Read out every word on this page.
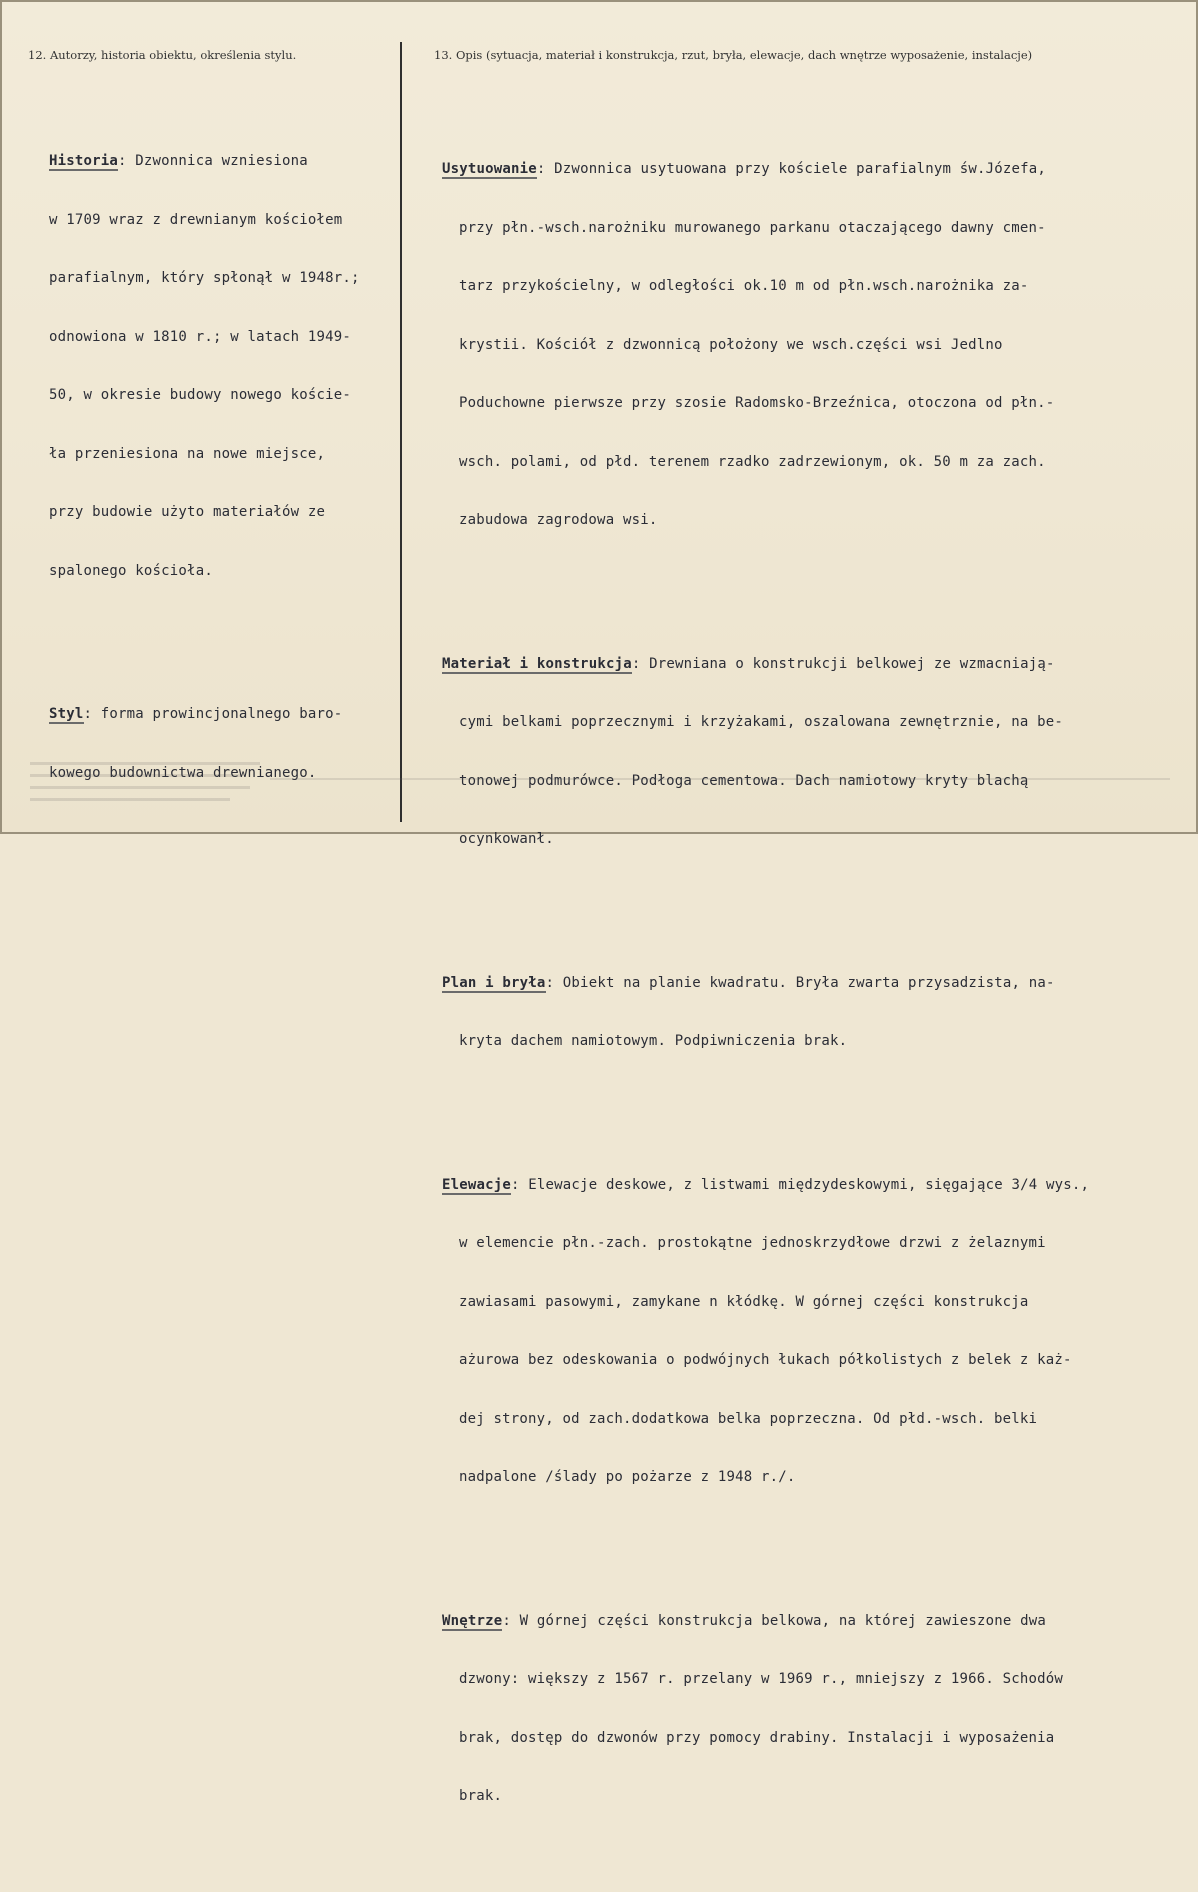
12. Autorzy, historia obiektu, określenia stylu.	13. Opis (sytuacja, materiał i konstrukcja, rzut, bryła, elewacje, dach wnętrze wyposażenie, instalacje)

Historia: Dzwonnica wzniesiona

w 1709 wraz z drewnianym kościołem

parafialnym, który spłonął w 1948r.;

odnowiona w 1810 r.; w latach 1949-

50, w okresie budowy nowego koście-

ła przeniesiona na nowe miejsce,

przy budowie użyto materiałów ze

spalonego kościoła.

Styl: forma prowincjonalnego baro-

kowego budownictwa drewnianego.

Usytuowanie: Dzwonnica usytuowana przy kościele parafialnym św.Józefa,

przy płn.-wsch.narożniku murowanego parkanu otaczającego dawny cmen-

tarz przykościelny, w odległości ok.10 m od płn.wsch.narożnika za-

krystii. Kościół z dzwonnicą położony we wsch.części wsi Jedlno

Poduchowne pierwsze przy szosie Radomsko-Brzeźnica, otoczona od płn.-

wsch. polami, od płd. terenem rzadko zadrzewionym, ok. 50 m za zach.

zabudowa zagrodowa wsi.

Materiał i konstrukcja: Drewniana o konstrukcji belkowej ze wzmacniają-

cymi belkami poprzecznymi i krzyżakami, oszalowana zewnętrznie, na be-

tonowej podmurówce. Podłoga cementowa. Dach namiotowy kryty blachą

ocynkowanł.

Plan i bryła: Obiekt na planie kwadratu. Bryła zwarta przysadzista, na-

kryta dachem namiotowym. Podpiwniczenia brak.

Elewacje: Elewacje deskowe, z listwami międzydeskowymi, sięgające 3/4 wys.,

w elemencie płn.-zach. prostokątne jednoskrzydłowe drzwi z żelaznymi

zawiasami pasowymi, zamykane n kłódkę. W górnej części konstrukcja

ażurowa bez odeskowania o podwójnych łukach półkolistych z belek z każ-

dej strony, od zach.dodatkowa belka poprzeczna. Od płd.-wsch. belki

nadpalone /ślady po pożarze z 1948 r./.

Wnętrze: W górnej części konstrukcja belkowa, na której zawieszone dwa

dzwony: większy z 1567 r. przelany w 1969 r., mniejszy z 1966. Schodów

brak, dostęp do dzwonów przy pomocy drabiny. Instalacji i wyposażenia

brak.
